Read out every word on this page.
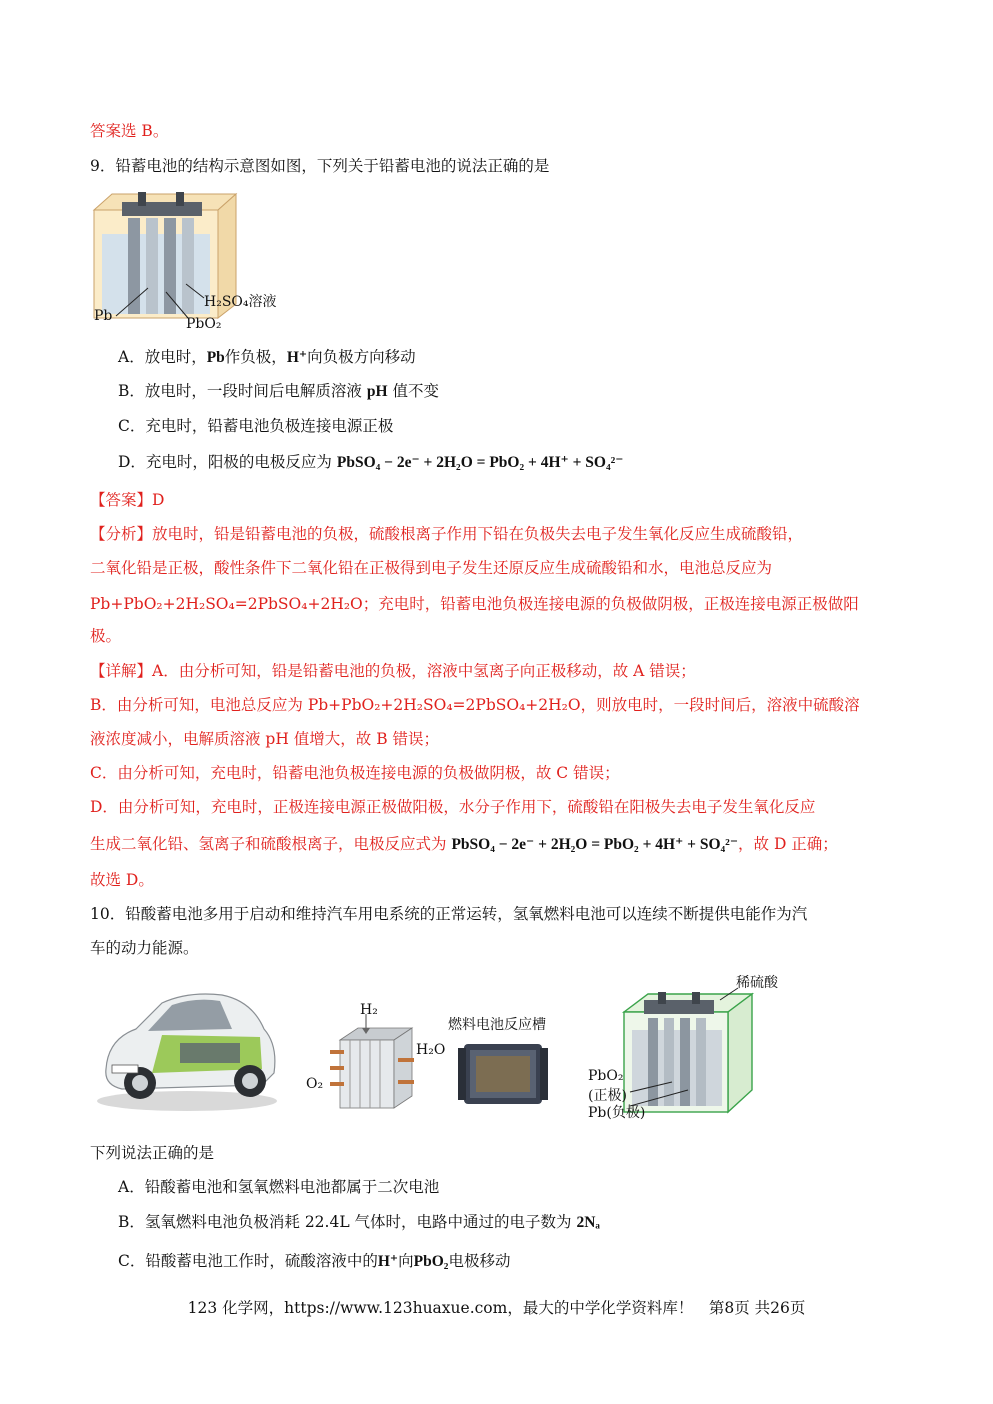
答案选 B。
9．铅蓄电池的结构示意图如图，下列关于铅蓄电池的说法正确的是
H₂SO₄溶液
Pb	PbO₂
A．放电时，Pb作负极，H⁺向负极方向移动
B．放电时，一段时间后电解质溶液 pH 值不变
C．充电时，铅蓄电池负极连接电源正极
D．充电时，阳极的电极反应为 PbSO₄ − 2e⁻ + 2H₂O = PbO₂ + 4H⁺ + SO₄²⁻
【答案】D
【分析】放电时，铅是铅蓄电池的负极，硫酸根离子作用下铅在负极失去电子发生氧化反应生成硫酸铅，
二氧化铅是正极，酸性条件下二氧化铅在正极得到电子发生还原反应生成硫酸铅和水，电池总反应为
Pb+PbO₂+2H₂SO₄=2PbSO₄+2H₂O；充电时，铅蓄电池负极连接电源的负极做阴极，正极连接电源正极做阳
极。
【详解】A．由分析可知，铅是铅蓄电池的负极，溶液中氢离子向正极移动，故 A 错误；
B．由分析可知，电池总反应为 Pb+PbO₂+2H₂SO₄=2PbSO₄+2H₂O，则放电时，一段时间后，溶液中硫酸溶
液浓度减小，电解质溶液 pH 值增大，故 B 错误；
C．由分析可知，充电时，铅蓄电池负极连接电源的负极做阴极，故 C 错误；
D．由分析可知，充电时，正极连接电源正极做阳极，水分子作用下，硫酸铅在阳极失去电子发生氧化反应
生成二氧化铅、氢离子和硫酸根离子，电极反应式为 PbSO₄ − 2e⁻ + 2H₂O = PbO₂ + 4H⁺ + SO₄²⁻，故 D 正确；
故选 D。
10．铅酸蓄电池多用于启动和维持汽车用电系统的正常运转，氢氧燃料电池可以连续不断提供电能作为汽
车的动力能源。
H₂
O₂
H₂O
燃料电池反应槽
稀硫酸
PbO₂
(正极)
Pb(负极)
下列说法正确的是
A．铅酸蓄电池和氢氧燃料电池都属于二次电池
B．氢氧燃料电池负极消耗 22.4L 气体时，电路中通过的电子数为 2Nₐ
C．铅酸蓄电池工作时，硫酸溶液中的H⁺向PbO₂电极移动
123 化学网，https://www.123huaxue.com，最大的中学化学资料库！　第8页 共26页
